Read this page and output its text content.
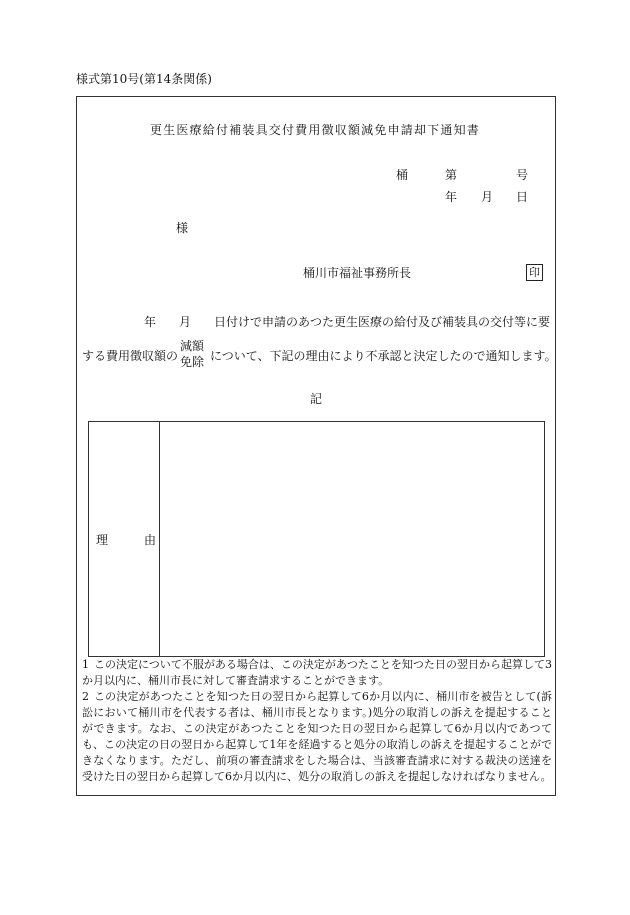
様式第10号(第14条関係)
更生医療給付補装具交付費用徴収額減免申請却下通知書
桶	第	号
年 月 日
様
桶川市福祉事務所長	印
年 月 日付けで申請のあつた更生医療の給付及び補装具の交付等に要
する費用徴収額の
減額
免除 について、下記の理由により不承認と決定したので通知します。
記
理　　　由
1 この決定について不服がある場合は、この決定があつたことを知つた日の翌日から起算して3か月以内に、桶川市長に対して審査請求することができます。
2 この決定があつたことを知つた日の翌日から起算して6か月以内に、桶川市を被告として(訴訟において桶川市を代表する者は、桶川市長となります。)処分の取消しの訴えを提起することができます。なお、この決定があつたことを知つた日の翌日から起算して6か月以内であつても、この決定の日の翌日から起算して1年を経過すると処分の取消しの訴えを提起することができなくなります。ただし、前項の審査請求をした場合は、当該審査請求に対する裁決の送達を受けた日の翌日から起算して6か月以内に、処分の取消しの訴えを提起しなければなりません。
